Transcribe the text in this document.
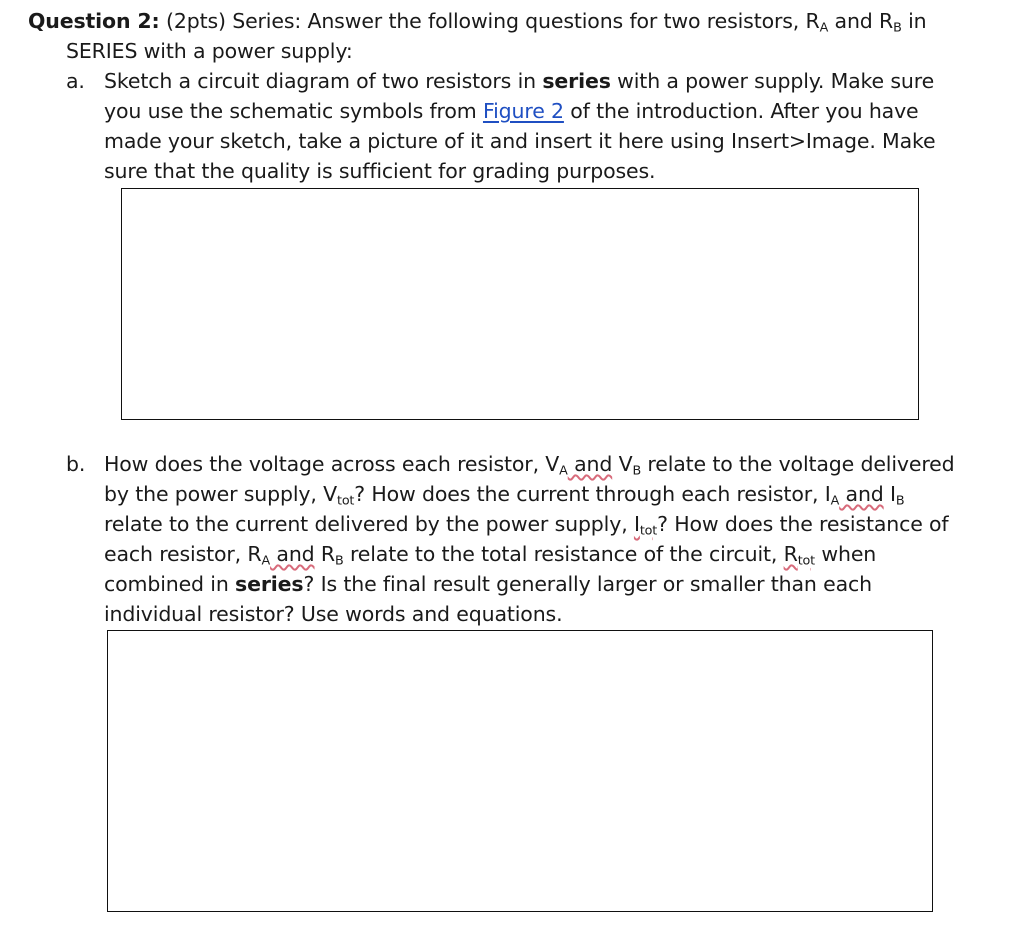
Question 2: (2pts) Series: Answer the following questions for two resistors, $R_A$ and $R_B$ in
SERIES with a power supply:
a. Sketch a circuit diagram of two resistors in series with a power supply. Make sure
you use the schematic symbols from Figure 2 of the introduction. After you have
made your sketch, take a picture of it and insert it here using Insert>Image. Make
sure that the quality is sufficient for grading purposes.
b. How does the voltage across each resistor, $V_A$ and $V_B$ relate to the voltage delivered
by the power supply, $V_{tot}$? How does the current through each resistor, $I_A$ and $I_B$
relate to the current delivered by the power supply, $I_{tot}$? How does the resistance of
each resistor, $R_A$ and $R_B$ relate to the total resistance of the circuit, $R_{tot}$ when
combined in series? Is the final result generally larger or smaller than each
individual resistor? Use words and equations.
